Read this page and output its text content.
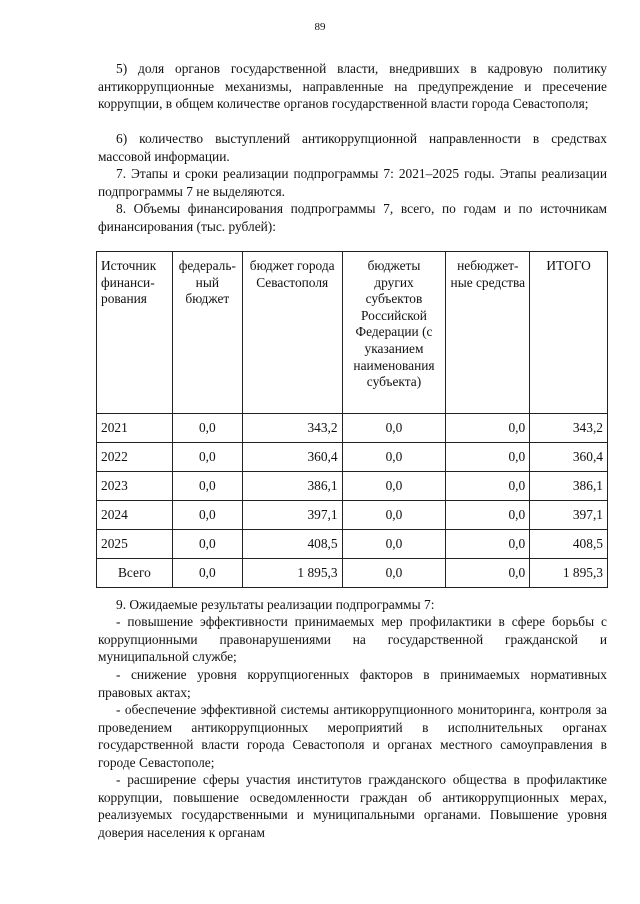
89

5) доля органов государственной власти, внедривших в кадровую политику антикоррупционные механизмы, направленные на предупреждение и пресечение коррупции, в общем количестве органов государственной власти города Севастополя;

6) количество выступлений антикоррупционной направленности в средствах массовой информации.

7. Этапы и сроки реализации подпрограммы 7: 2021–2025 годы. Этапы реализации подпрограммы 7 не выделяются.

8. Объемы финансирования подпрограммы 7, всего, по годам и по источникам финансирования (тыс. рублей):

Источник финанси-рования	федераль-ный бюджет	бюджет города Севастополя	бюджеты других субъектов Российской Федерации (с указанием наименования субъекта)	небюджет-ные средства	ИТОГО
2021	0,0	343,2	0,0	0,0	343,2
2022	0,0	360,4	0,0	0,0	360,4
2023	0,0	386,1	0,0	0,0	386,1
2024	0,0	397,1	0,0	0,0	397,1
2025	0,0	408,5	0,0	0,0	408,5
Всего	0,0	1 895,3	0,0	0,0	1 895,3

9. Ожидаемые результаты реализации подпрограммы 7:

- повышение эффективности принимаемых мер профилактики в сфере борьбы с коррупционными правонарушениями на государственной гражданской и муниципальной службе;

- снижение уровня коррупциогенных факторов в принимаемых нормативных правовых актах;

- обеспечение эффективной системы антикоррупционного мониторинга, контроля за проведением антикоррупционных мероприятий в исполнительных органах государственной власти города Севастополя и органах местного самоуправления в городе Севастополе;

- расширение сферы участия институтов гражданского общества в профилактике коррупции, повышение осведомленности граждан об антикоррупционных мерах, реализуемых государственными и муниципальными органами. Повышение уровня доверия населения к органам
